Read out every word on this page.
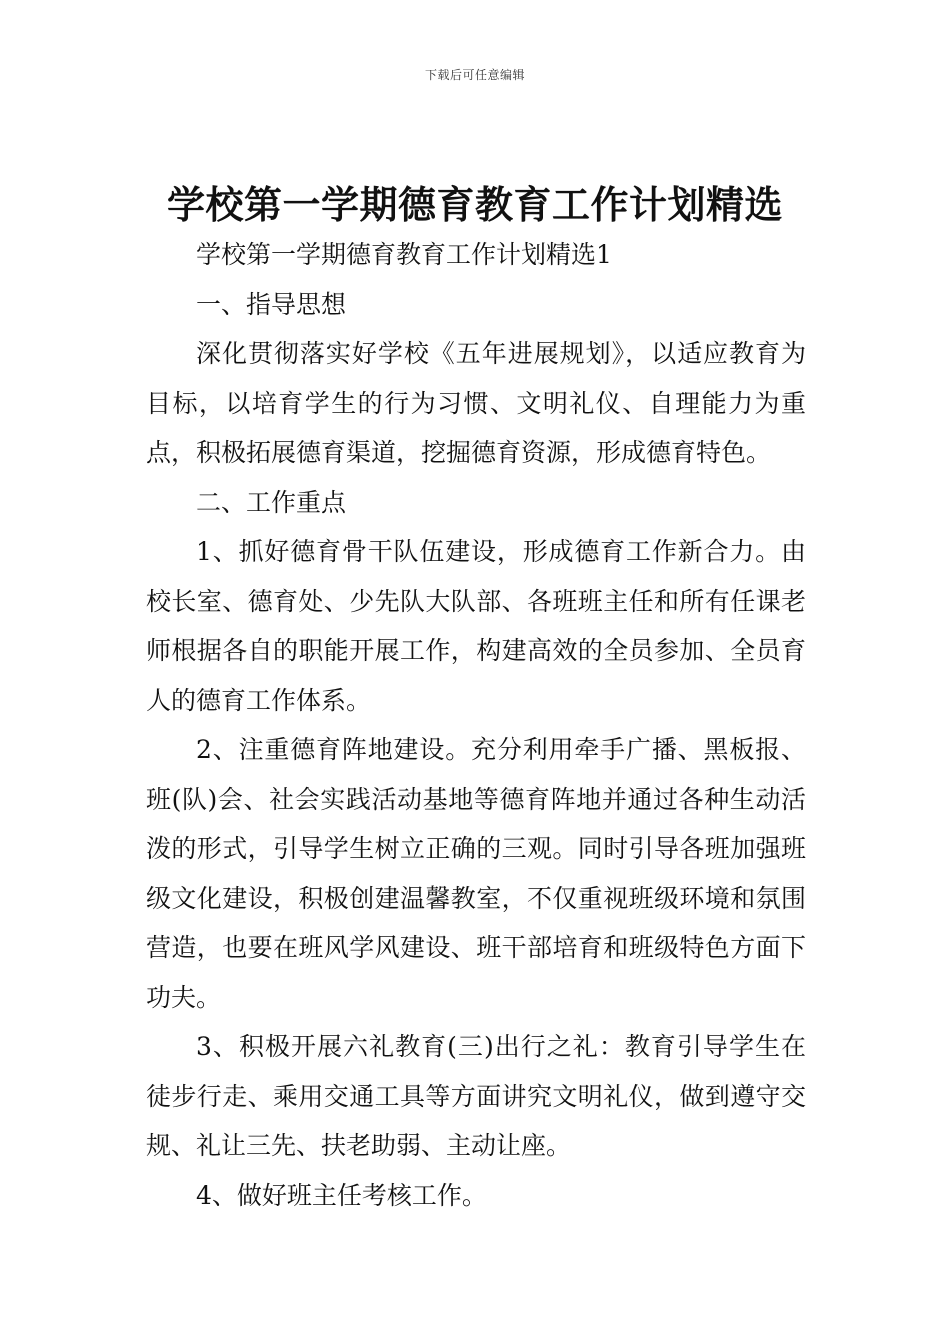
下载后可任意编辑
学校第一学期德育教育工作计划精选

学校第一学期德育教育工作计划精选1

一、指导思想

深化贯彻落实好学校《五年进展规划》，以适应教育为目标，以培育学生的行为习惯、文明礼仪、自理能力为重点，积极拓展德育渠道，挖掘德育资源，形成德育特色。

二、工作重点

1、抓好德育骨干队伍建设，形成德育工作新合力。由校长室、德育处、少先队大队部、各班班主任和所有任课老师根据各自的职能开展工作，构建高效的全员参加、全员育人的德育工作体系。

2、注重德育阵地建设。充分利用牵手广播、黑板报、班(队)会、社会实践活动基地等德育阵地并通过各种生动活泼的形式，引导学生树立正确的三观。同时引导各班加强班级文化建设，积极创建温馨教室，不仅重视班级环境和氛围营造，也要在班风学风建设、班干部培育和班级特色方面下功夫。

3、积极开展六礼教育(三)出行之礼：教育引导学生在徒步行走、乘用交通工具等方面讲究文明礼仪，做到遵守交规、礼让三先、扶老助弱、主动让座。

4、做好班主任考核工作。
